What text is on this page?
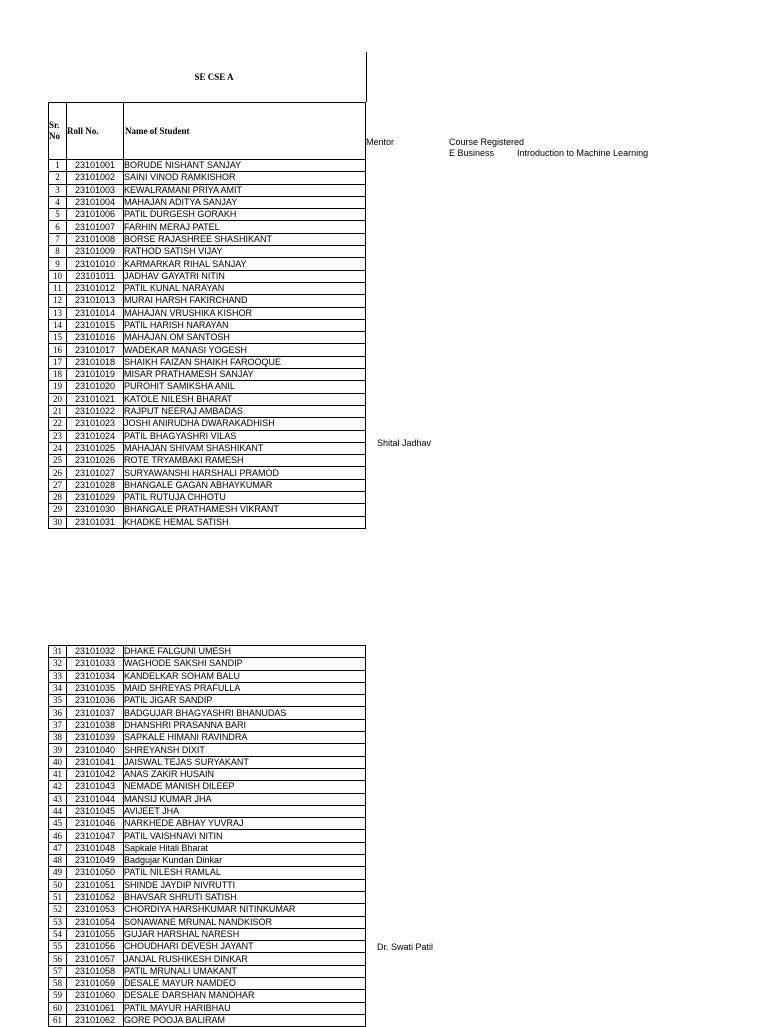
SE CSE A
Sr.
No	Roll No.	Name of Student
1	23101001	BORUDE NISHANT SANJAY
2	23101002	SAINI VINOD RAMKISHOR
3	23101003	KEWALRAMANI PRIYA AMIT
4	23101004	MAHAJAN ADITYA SANJAY
5	23101006	PATIL DURGESH GORAKH
6	23101007	FARHIN MERAJ PATEL
7	23101008	BORSE RAJASHREE SHASHIKANT
8	23101009	RATHOD SATISH VIJAY
9	23101010	KARMARKAR RIHAL SANJAY
10	23101011	JADHAV GAYATRI NITIN
11	23101012	PATIL KUNAL NARAYAN
12	23101013	MURAI HARSH FAKIRCHAND
13	23101014	MAHAJAN VRUSHIKA KISHOR
14	23101015	PATIL HARISH NARAYAN
15	23101016	MAHAJAN OM SANTOSH
16	23101017	WADEKAR MANASI YOGESH
17	23101018	SHAIKH FAIZAN SHAIKH FAROOQUE
18	23101019	MISAR PRATHAMESH SANJAY
19	23101020	PUROHIT SAMIKSHA ANIL
20	23101021	KATOLE NILESH BHARAT
21	23101022	RAJPUT NEERAJ AMBADAS
22	23101023	JOSHI ANIRUDHA DWARAKADHISH
23	23101024	PATIL BHAGYASHRI VILAS
24	23101025	MAHAJAN SHIVAM SHASHIKANT
25	23101026	ROTE TRYAMBAKI RAMESH
26	23101027	SURYAWANSHI HARSHALI PRAMOD
27	23101028	BHANGALE GAGAN ABHAYKUMAR
28	23101029	PATIL RUTUJA CHHOTU
29	23101030	BHANGALE PRATHAMESH VIKRANT
30	23101031	KHADKE HEMAL SATISH
31	23101032	DHAKE FALGUNI UMESH
32	23101033	WAGHODE SAKSHI SANDIP
33	23101034	KANDELKAR SOHAM BALU
34	23101035	MAID SHREYAS PRAFULLA
35	23101036	PATIL JIGAR SANDIP
36	23101037	BADGUJAR BHAGYASHRI BHANUDAS
37	23101038	DHANSHRI PRASANNA BARI
38	23101039	SAPKALE HIMANI RAVINDRA
39	23101040	SHREYANSH DIXIT
40	23101041	JAISWAL TEJAS SURYAKANT
41	23101042	ANAS ZAKIR HUSAIN
42	23101043	NEMADE MANISH DILEEP
43	23101044	MANSIJ KUMAR JHA
44	23101045	AVIJEET JHA
45	23101046	NARKHEDE ABHAY YUVRAJ
46	23101047	PATIL VAISHNAVI NITIN
47	23101048	Sapkale Hitali Bharat
48	23101049	Badgujar Kundan Dinkar
49	23101050	PATIL NILESH RAMLAL
50	23101051	SHINDE JAYDIP NIVRUTTI
51	23101052	BHAVSAR SHRUTI SATISH
52	23101053	CHORDIYA HARSHKUMAR NITINKUMAR
53	23101054	SONAWANE MRUNAL NANDKISOR
54	23101055	GUJAR HARSHAL NARESH
55	23101056	CHOUDHARI DEVESH JAYANT
56	23101057	JANJAL RUSHIKESH DINKAR
57	23101058	PATIL MRUNALI UMAKANT
58	23101059	DESALE MAYUR NAMDEO
59	23101060	DESALE DARSHAN MANOHAR
60	23101061	PATIL MAYUR HARIBHAU
61	23101062	GORE POOJA BALIRAM
Mentor	Course Registered
E Business	Introduction to Machine Learning
Shital Jadhav
Dr. Swati Patil
